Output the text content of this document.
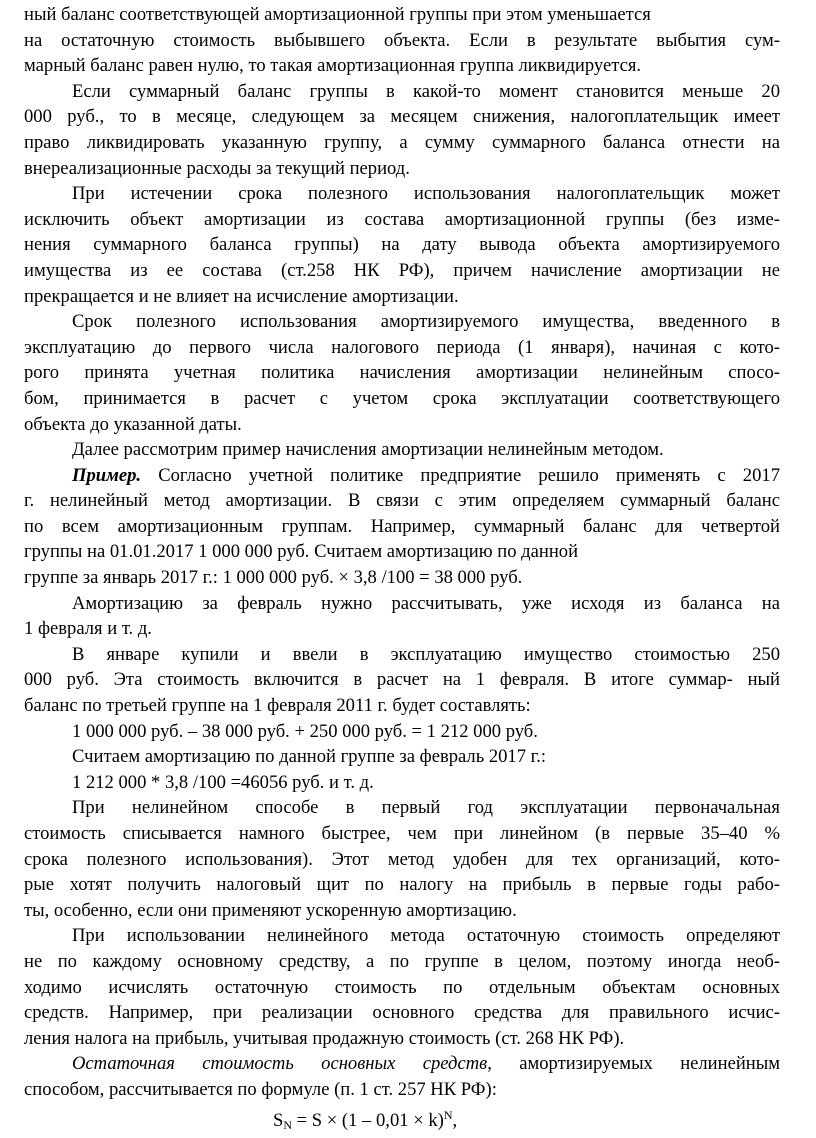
ный баланс соответствующей амортизационной группы при этом уменьшается
на остаточную стоимость выбывшего объекта. Если в результате выбытия сум-
марный баланс равен нулю, то такая амортизационная группа ликвидируется.
Если суммарный баланс группы в какой-то момент становится меньше 20
000 руб., то в месяце, следующем за месяцем снижения, налогоплательщик имеет
право ликвидировать указанную группу, а сумму суммарного баланса отнести на
внереализационные расходы за текущий период.
При истечении срока полезного использования налогоплательщик может
исключить объект амортизации из состава амортизационной группы (без изме-
нения суммарного баланса группы) на дату вывода объекта амортизируемого
имущества из ее состава (ст.258 НК РФ), причем начисление амортизации не
прекращается и не влияет на исчисление амортизации.
Срок полезного использования амортизируемого имущества, введенного в
эксплуатацию до первого числа налогового периода (1 января), начиная с кото-
рого принята учетная политика начисления амортизации нелинейным спосо-
бом, принимается в расчет с учетом срока эксплуатации соответствующего
объекта до указанной даты.
Далее рассмотрим пример начисления амортизации нелинейным методом.
Пример. Согласно учетной политике предприятие решило применять с 2017
г. нелинейный метод амортизации. В связи с этим определяем суммарный баланс
по всем амортизационным группам. Например, суммарный баланс для четвертой
группы на 01.01.2017 1 000 000 руб. Считаем амортизацию по данной
группе за январь 2017 г.: 1 000 000 руб. × 3,8 /100 = 38 000 руб.
Амортизацию за февраль нужно рассчитывать, уже исходя из баланса на
1 февраля и т. д.
В январе купили и ввели в эксплуатацию имущество стоимостью 250
000 руб. Эта стоимость включится в расчет на 1 февраля. В итоге суммар- ный
баланс по третьей группе на 1 февраля 2011 г. будет составлять:
1 000 000 руб. – 38 000 руб. + 250 000 руб. = 1 212 000 руб.
Считаем амортизацию по данной группе за февраль 2017 г.:
1 212 000 * 3,8 /100 =46056 руб. и т. д.
При нелинейном способе в первый год эксплуатации первоначальная
стоимость списывается намного быстрее, чем при линейном (в первые 35–40 %
срока полезного использования). Этот метод удобен для тех организаций, кото-
рые хотят получить налоговый щит по налогу на прибыль в первые годы рабо-
ты, особенно, если они применяют ускоренную амортизацию.
При использовании нелинейного метода остаточную стоимость определяют
не по каждому основному средству, а по группе в целом, поэтому иногда необ-
ходимо исчислять остаточную стоимость по отдельным объектам основных
средств. Например, при реализации основного средства для правильного исчис-
ления налога на прибыль, учитывая продажную стоимость (ст. 268 НК РФ).
Остаточная стоимость основных средств, амортизируемых нелинейным
способом, рассчитывается по формуле (п. 1 ст. 257 НК РФ):
$S_N = S \times (1 - 0,01 \times k)^N$,
